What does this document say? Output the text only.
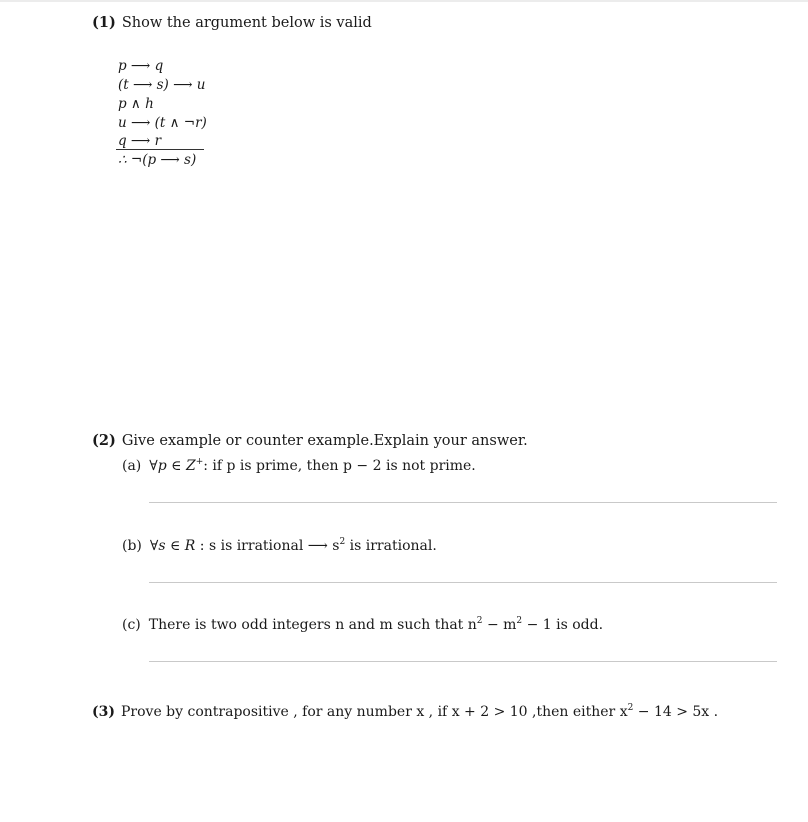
(1) Show the argument below is valid
p ⟶ q
(t ⟶ s) ⟶ u
p ∧ h
u ⟶ (t ∧ ¬r)
q ⟶ r
∴ ¬(p ⟶ s)
(2) Give example or counter example.Explain your answer.
(a) ∀p ∈ Z+: if p is prime, then p − 2 is not prime.
(b) ∀s ∈ R : s is irrational ⟶ $s^2$ is irrational.
(c) There is two odd integers n and m such that $n^2 - m^2 - 1$ is odd.
(3) Prove by contrapositive , for any number x , if x + 2 > 10 ,then either $x^2 - 14 > 5x$ .
